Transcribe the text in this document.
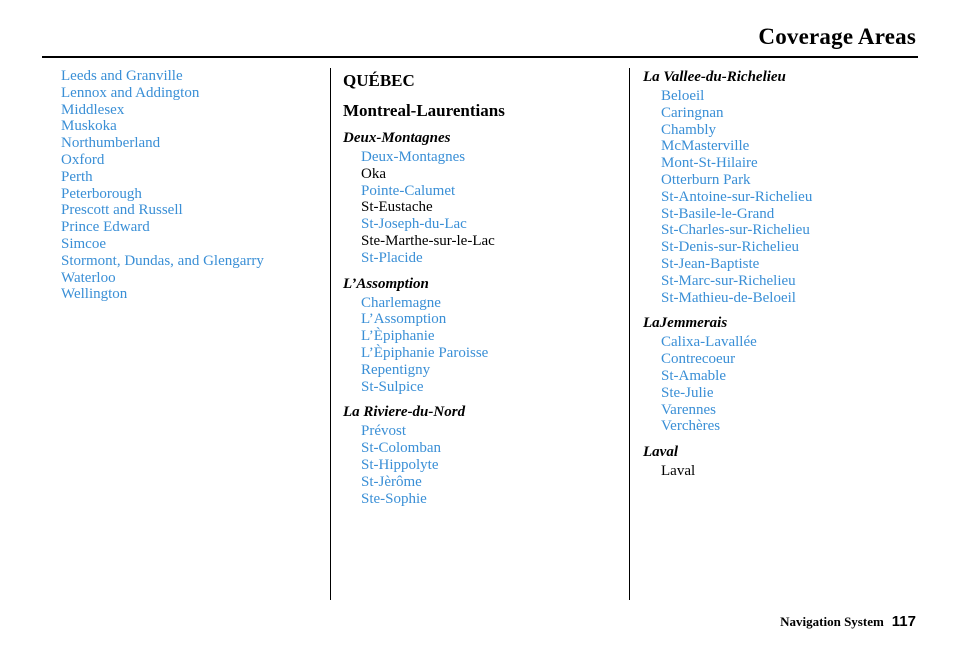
Coverage Areas
Leeds and Granville
Lennox and Addington
Middlesex
Muskoka
Northumberland
Oxford
Perth
Peterborough
Prescott and Russell
Prince Edward
Simcoe
Stormont, Dundas, and Glengarry
Waterloo
Wellington
QUÉBEC
Montreal-Laurentians
Deux-Montagnes
Deux-Montagnes
Oka
Pointe-Calumet
St-Eustache
St-Joseph-du-Lac
Ste-Marthe-sur-le-Lac
St-Placide
L’Assomption
Charlemagne
L’Assomption
L’Èpiphanie
L’Èpiphanie Paroisse
Repentigny
St-Sulpice
La Riviere-du-Nord
Prévost
St-Colomban
St-Hippolyte
St-Jèrôme
Ste-Sophie
La Vallee-du-Richelieu
Beloeil
Caringnan
Chambly
McMasterville
Mont-St-Hilaire
Otterburn Park
St-Antoine-sur-Richelieu
St-Basile-le-Grand
St-Charles-sur-Richelieu
St-Denis-sur-Richelieu
St-Jean-Baptiste
St-Marc-sur-Richelieu
St-Mathieu-de-Beloeil
LaJemmerais
Calixa-Lavallée
Contrecoeur
St-Amable
Ste-Julie
Varennes
Verchères
Laval
Laval
Navigation System 117
